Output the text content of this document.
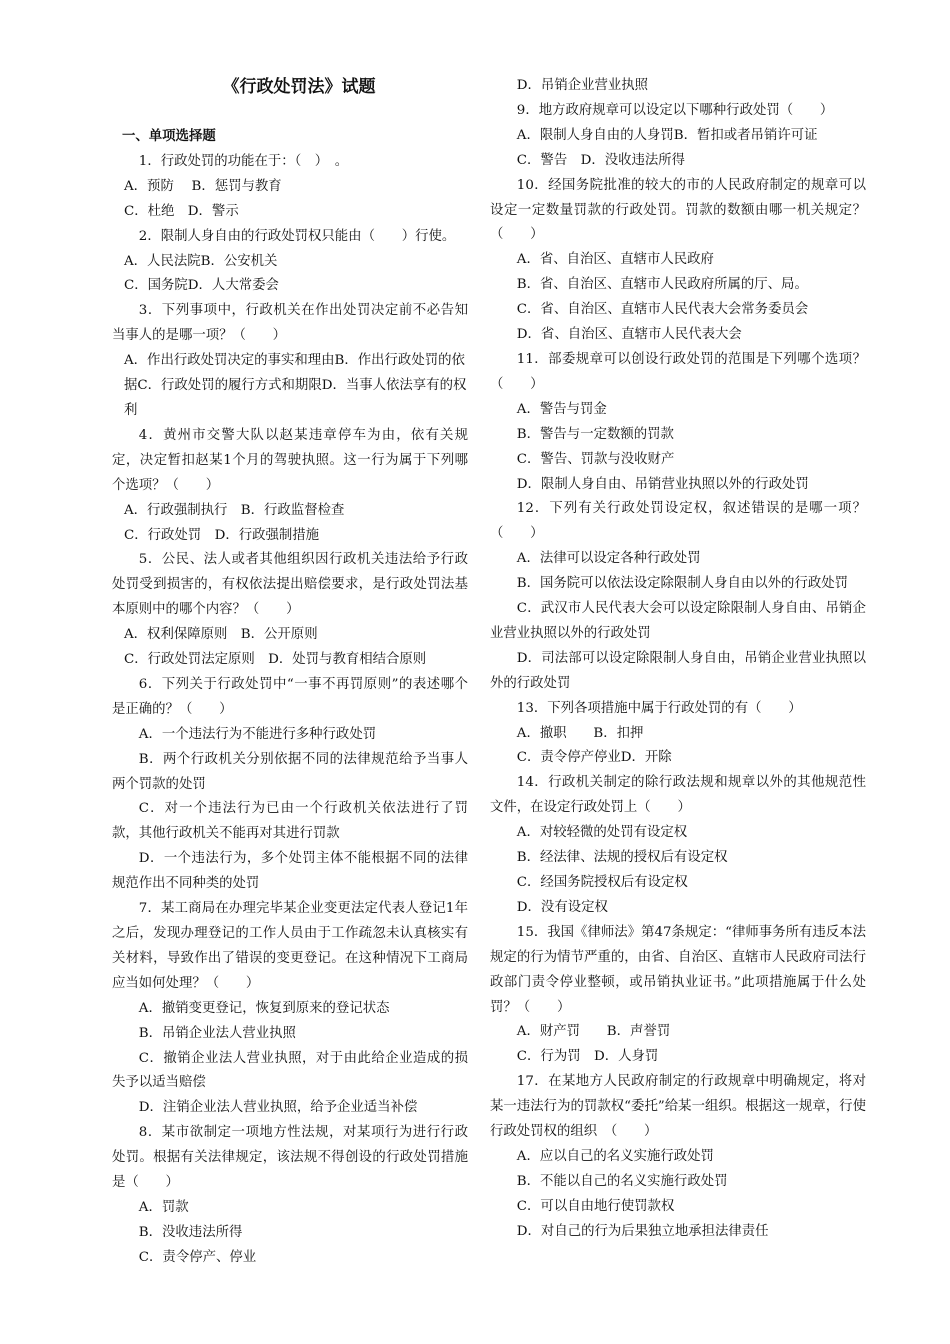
《行政处罚法》试题
一、单项选择题

1．行政处罚的功能在于：（　）　。

A．预防　 B．惩罚与教育

C．杜绝　D．警示

2．限制人身自由的行政处罚权只能由（　　）行使。

A．人民法院B．公安机关

C．国务院D．人大常委会

3．下列事项中，行政机关在作出处罚决定前不必告知当事人的是哪一项？（　　）

A．作出行政处罚决定的事实和理由B．作出行政处罚的依据C．行政处罚的履行方式和期限D．当事人依法享有的权利

4．黄州市交警大队以赵某违章停车为由，依有关规定，决定暂扣赵某1个月的驾驶执照。这一行为属于下列哪个选项？（　　）

A．行政强制执行　B．行政监督检查

C．行政处罚　D．行政强制措施

5．公民、法人或者其他组织因行政机关违法给予行政处罚受到损害的，有权依法提出赔偿要求，是行政处罚法基本原则中的哪个内容？（　　）

A．权利保障原则　B．公开原则

C．行政处罚法定原则　D．处罚与教育相结合原则

6．下列关于行政处罚中“一事不再罚原则”的表述哪个是正确的？（　　）

A．一个违法行为不能进行多种行政处罚

B．两个行政机关分别依据不同的法律规范给予当事人两个罚款的处罚

C．对一个违法行为已由一个行政机关依法进行了罚款，其他行政机关不能再对其进行罚款

D．一个违法行为，多个处罚主体不能根据不同的法律规范作出不同种类的处罚

7．某工商局在办理完毕某企业变更法定代表人登记1年之后，发现办理登记的工作人员由于工作疏忽未认真核实有关材料，导致作出了错误的变更登记。在这种情况下工商局应当如何处理？（　　）

A．撤销变更登记，恢复到原来的登记状态

B．吊销企业法人营业执照

C．撤销企业法人营业执照，对于由此给企业造成的损失予以适当赔偿

D．注销企业法人营业执照，给予企业适当补偿

8．某市欲制定一项地方性法规，对某项行为进行行政处罚。根据有关法律规定，该法规不得创设的行政处罚措施是（　　）

A．罚款

B．没收违法所得

C．责令停产、停业

D．吊销企业营业执照

9．地方政府规章可以设定以下哪种行政处罚（　　）

A．限制人身自由的人身罚B．暂扣或者吊销许可证

C．警告　D．没收违法所得

10．经国务院批准的较大的市的人民政府制定的规章可以设定一定数量罚款的行政处罚。罚款的数额由哪一机关规定？（　　）

A．省、自治区、直辖市人民政府

B．省、自治区、直辖市人民政府所属的厅、局。

C．省、自治区、直辖市人民代表大会常务委员会

D．省、自治区、直辖市人民代表大会

11．部委规章可以创设行政处罚的范围是下列哪个选项？　（　　）

A．警告与罚金

B．警告与一定数额的罚款

C．警告、罚款与没收财产

D．限制人身自由、吊销营业执照以外的行政处罚

12．下列有关行政处罚设定权，叙述错误的是哪一项？（　　）

A．法律可以设定各种行政处罚

B．国务院可以依法设定除限制人身自由以外的行政处罚

C．武汉市人民代表大会可以设定除限制人身自由、吊销企业营业执照以外的行政处罚

D．司法部可以设定除限制人身自由，吊销企业营业执照以外的行政处罚

13．下列各项措施中属于行政处罚的有（　　）

A．撤职　　B．扣押

C．责令停产停业D．开除

14．行政机关制定的除行政法规和规章以外的其他规范性文件，在设定行政处罚上（　　）

A．对较轻微的处罚有设定权

B．经法律、法规的授权后有设定权

C．经国务院授权后有设定权

D．没有设定权

15．我国《律师法》第47条规定：“律师事务所有违反本法规定的行为情节严重的，由省、自治区、直辖市人民政府司法行政部门责令停业整顿，或吊销执业证书。”此项措施属于什么处罚？（　　）

A．财产罚　　B．声誉罚

C．行为罚　D．人身罚

17．在某地方人民政府制定的行政规章中明确规定，将对某一违法行为的罚款权“委托”给某一组织。根据这一规章，行使行政处罚权的组织　（　　）

A．应以自己的名义实施行政处罚

B．不能以自己的名义实施行政处罚

C．可以自由地行使罚款权

D．对自己的行为后果独立地承担法律责任
